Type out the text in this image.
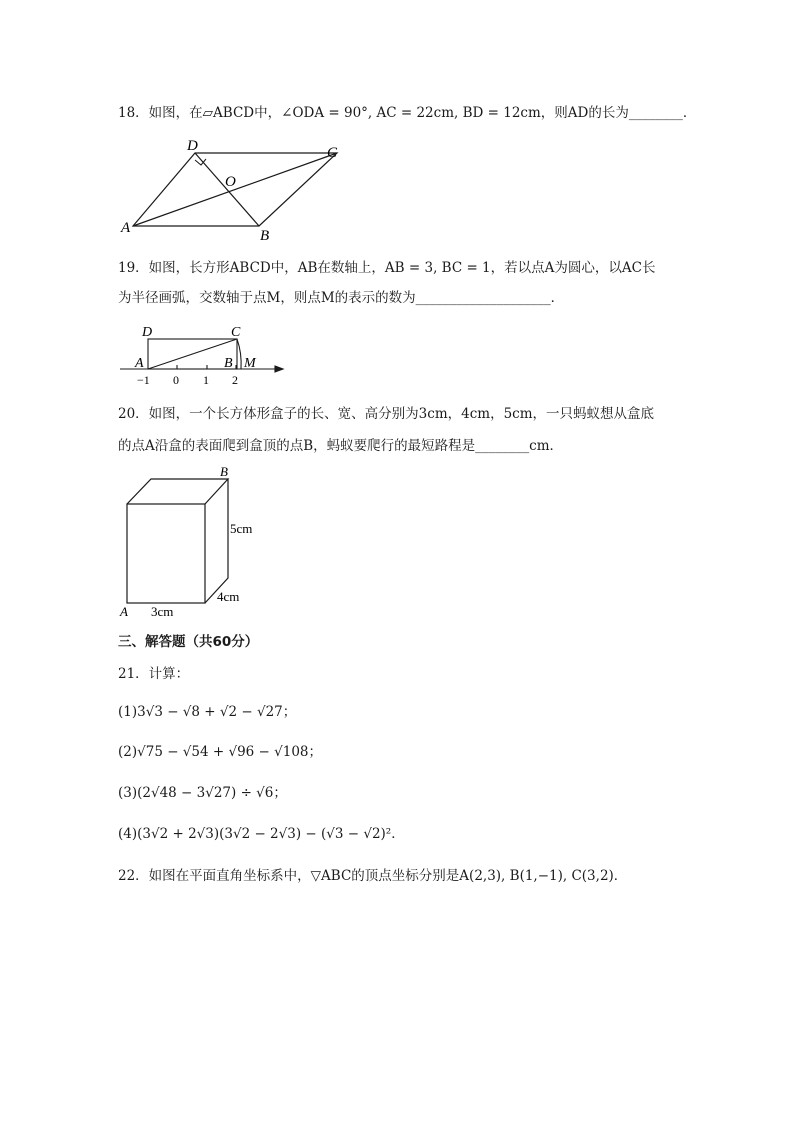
18．如图，在▱ABCD中，∠ODA = 90°, AC = 22cm, BD = 12cm，则AD的长为________．
A
D	C
B
O
19．如图，长方形ABCD中，AB在数轴上，AB = 3, BC = 1，若以点A为圆心，以AC长
为半径画弧，交数轴于点M，则点M的表示的数为____________________．
D	C
A	B M
−1 0 1 2
20．如图，一个长方体形盒子的长、宽、高分别为3cm，4cm，5cm，一只蚂蚁想从盒底
的点A沿盒的表面爬到盒顶的点B，蚂蚁要爬行的最短路程是________cm．
B
A
5cm
4cm
3cm
三、解答题（共60分）
21．计算：
(1)3√3 − √8 + √2 − √27；
(2)√75 − √54 + √96 − √108；
(3)(2√48 − 3√27) ÷ √6；
(4)(3√2 + 2√3)(3√2 − 2√3) − (√3 − √2)²．
22．如图在平面直角坐标系中，▽ABC的顶点坐标分别是A(2,3), B(1,−1), C(3,2)．
